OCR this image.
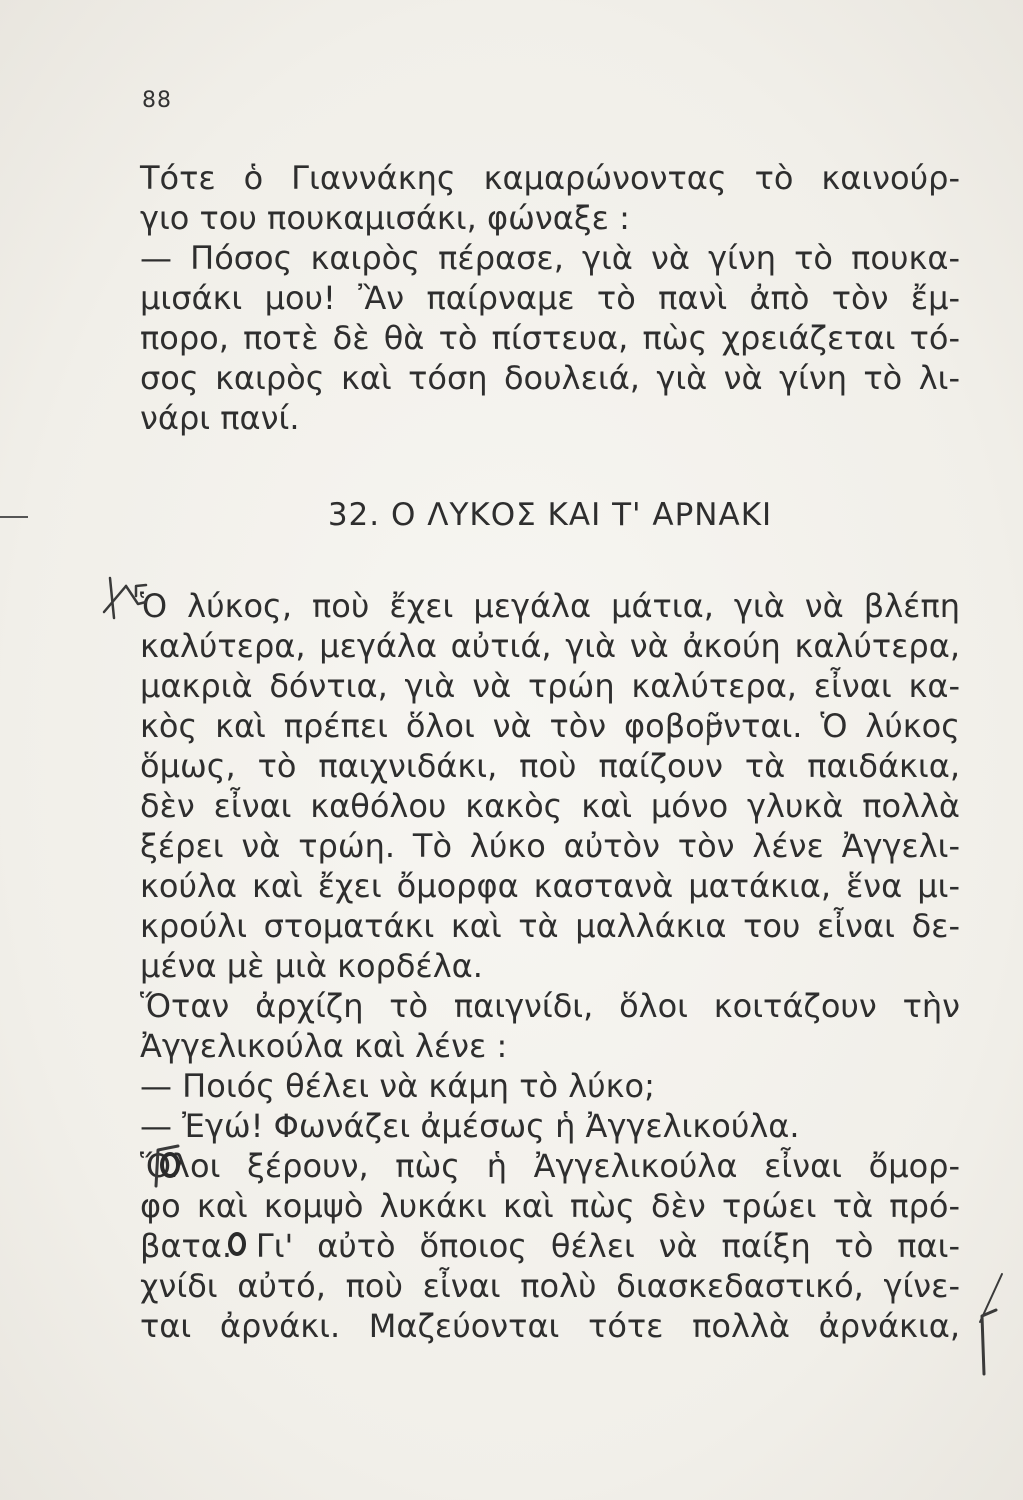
88
Τότε ὁ Γιαννάκης καμαρώνοντας τὸ καινούρ-
γιο του πουκαμισάκι, φώναξε :
— Πόσος καιρὸς πέρασε, γιὰ νὰ γίνη τὸ πουκα-
μισάκι μου! Ἂν παίρναμε τὸ πανὶ ἀπὸ τὸν ἔμ-
πορο, ποτὲ δὲ θὰ τὸ πίστευα, πὼς χρειάζεται τό-
σος καιρὸς καὶ τόση δουλειά, γιὰ νὰ γίνη τὸ λι-
νάρι πανί.
32. Ο ΛΥΚΟΣ ΚΑΙ Τ' ΑΡΝΑΚΙ
Ὁ λύκος, ποὺ ἔχει μεγάλα μάτια, γιὰ νὰ βλέπη
καλύτερα, μεγάλα αὐτιά, γιὰ νὰ ἀκούη καλύτερα,
μακριὰ δόντια, γιὰ νὰ τρώη καλύτερα, εἶναι κα-
κὸς καὶ πρέπει ὅλοι νὰ τὸν φοβοῦνται. Ὁ λύκος
ὅμως, τὸ παιχνιδάκι, ποὺ παίζουν τὰ παιδάκια,
δὲν εἶναι καθόλου κακὸς καὶ μόνο γλυκὰ πολλὰ
ξέρει νὰ τρώη. Τὸ λύκο αὐτὸν τὸν λένε Ἀγγελι-
κούλα καὶ ἔχει ὄμορφα καστανὰ ματάκια, ἕνα μι-
κρούλι στοματάκι καὶ τὰ μαλλάκια του εἶναι δε-
μένα μὲ μιὰ κορδέλα.
Ὅταν ἀρχίζη τὸ παιγνίδι, ὅλοι κοιτάζουν τὴν
Ἀγγελικούλα καὶ λένε :
— Ποιός θέλει νὰ κάμη τὸ λύκο;
— Ἐγώ! Φωνάζει ἀμέσως ἡ Ἀγγελικούλα.
Ὅλοι ξέρουν, πὼς ἡ Ἀγγελικούλα εἶναι ὄμορ-
φο καὶ κομψὸ λυκάκι καὶ πὼς δὲν τρώει τὰ πρό-
βατα. Γι' αὐτὸ ὅποιος θέλει νὰ παίξη τὸ παι-
χνίδι αὐτό, ποὺ εἶναι πολὺ διασκεδαστικό, γίνε-
ται ἀρνάκι. Μαζεύονται τότε πολλὰ ἀρνάκια,
